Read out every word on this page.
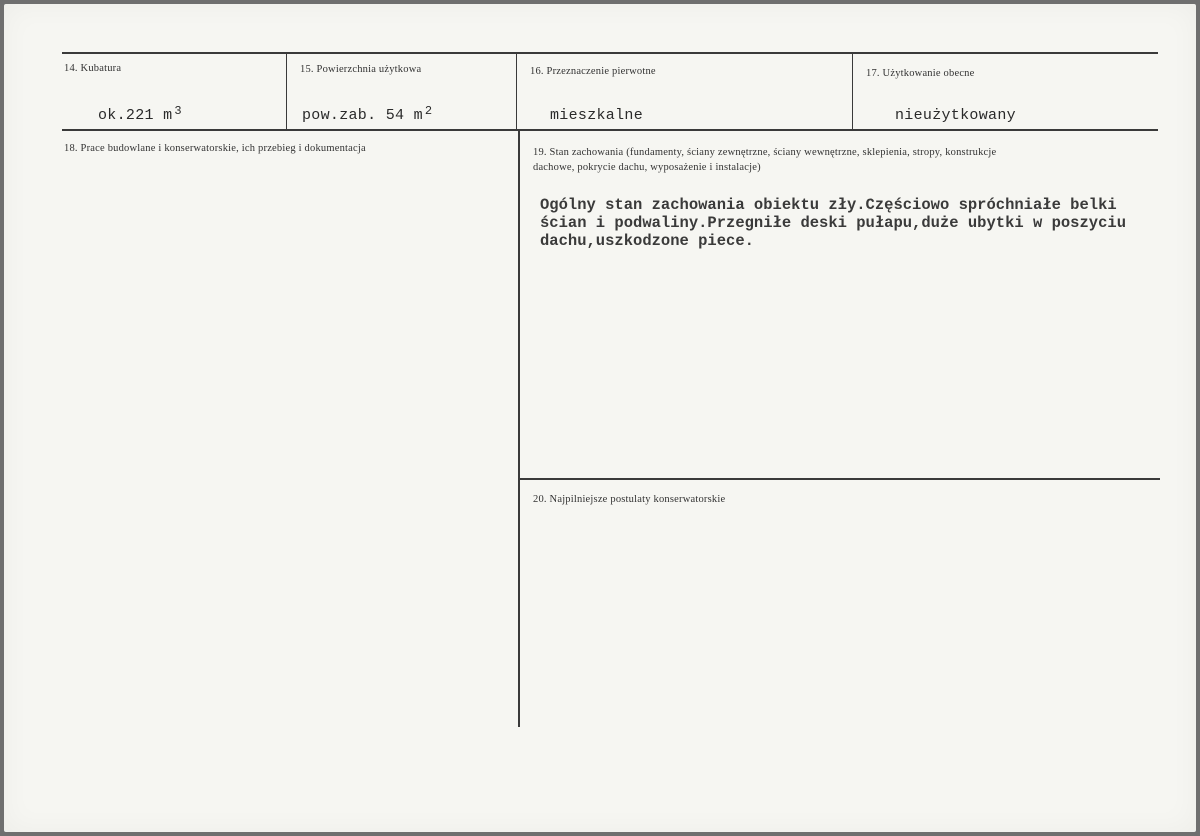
14. Kubatura
ok.221 m $^3$
15. Powierzchnia użytkowa
pow.zab. 54 m $^2$
16. Przeznaczenie pierwotne
mieszkalne
17. Użytkowanie obecne
nieużytkowany
18. Prace budowlane i konserwatorskie, ich przebieg i dokumentacja	19. Stan zachowania (fundamenty, ściany zewnętrzne, ściany wewnętrzne, sklepienia, stropy, konstrukcje
dachowe, pokrycie dachu, wyposażenie i instalacje)
Ogólny stan zachowania obiektu zły.Częściowo spróchniałe belki
ścian i podwaliny.Przegniłe deski pułapu,duże ubytki w poszyciu
dachu,uszkodzone piece.
20. Najpilniejsze postulaty konserwatorskie
